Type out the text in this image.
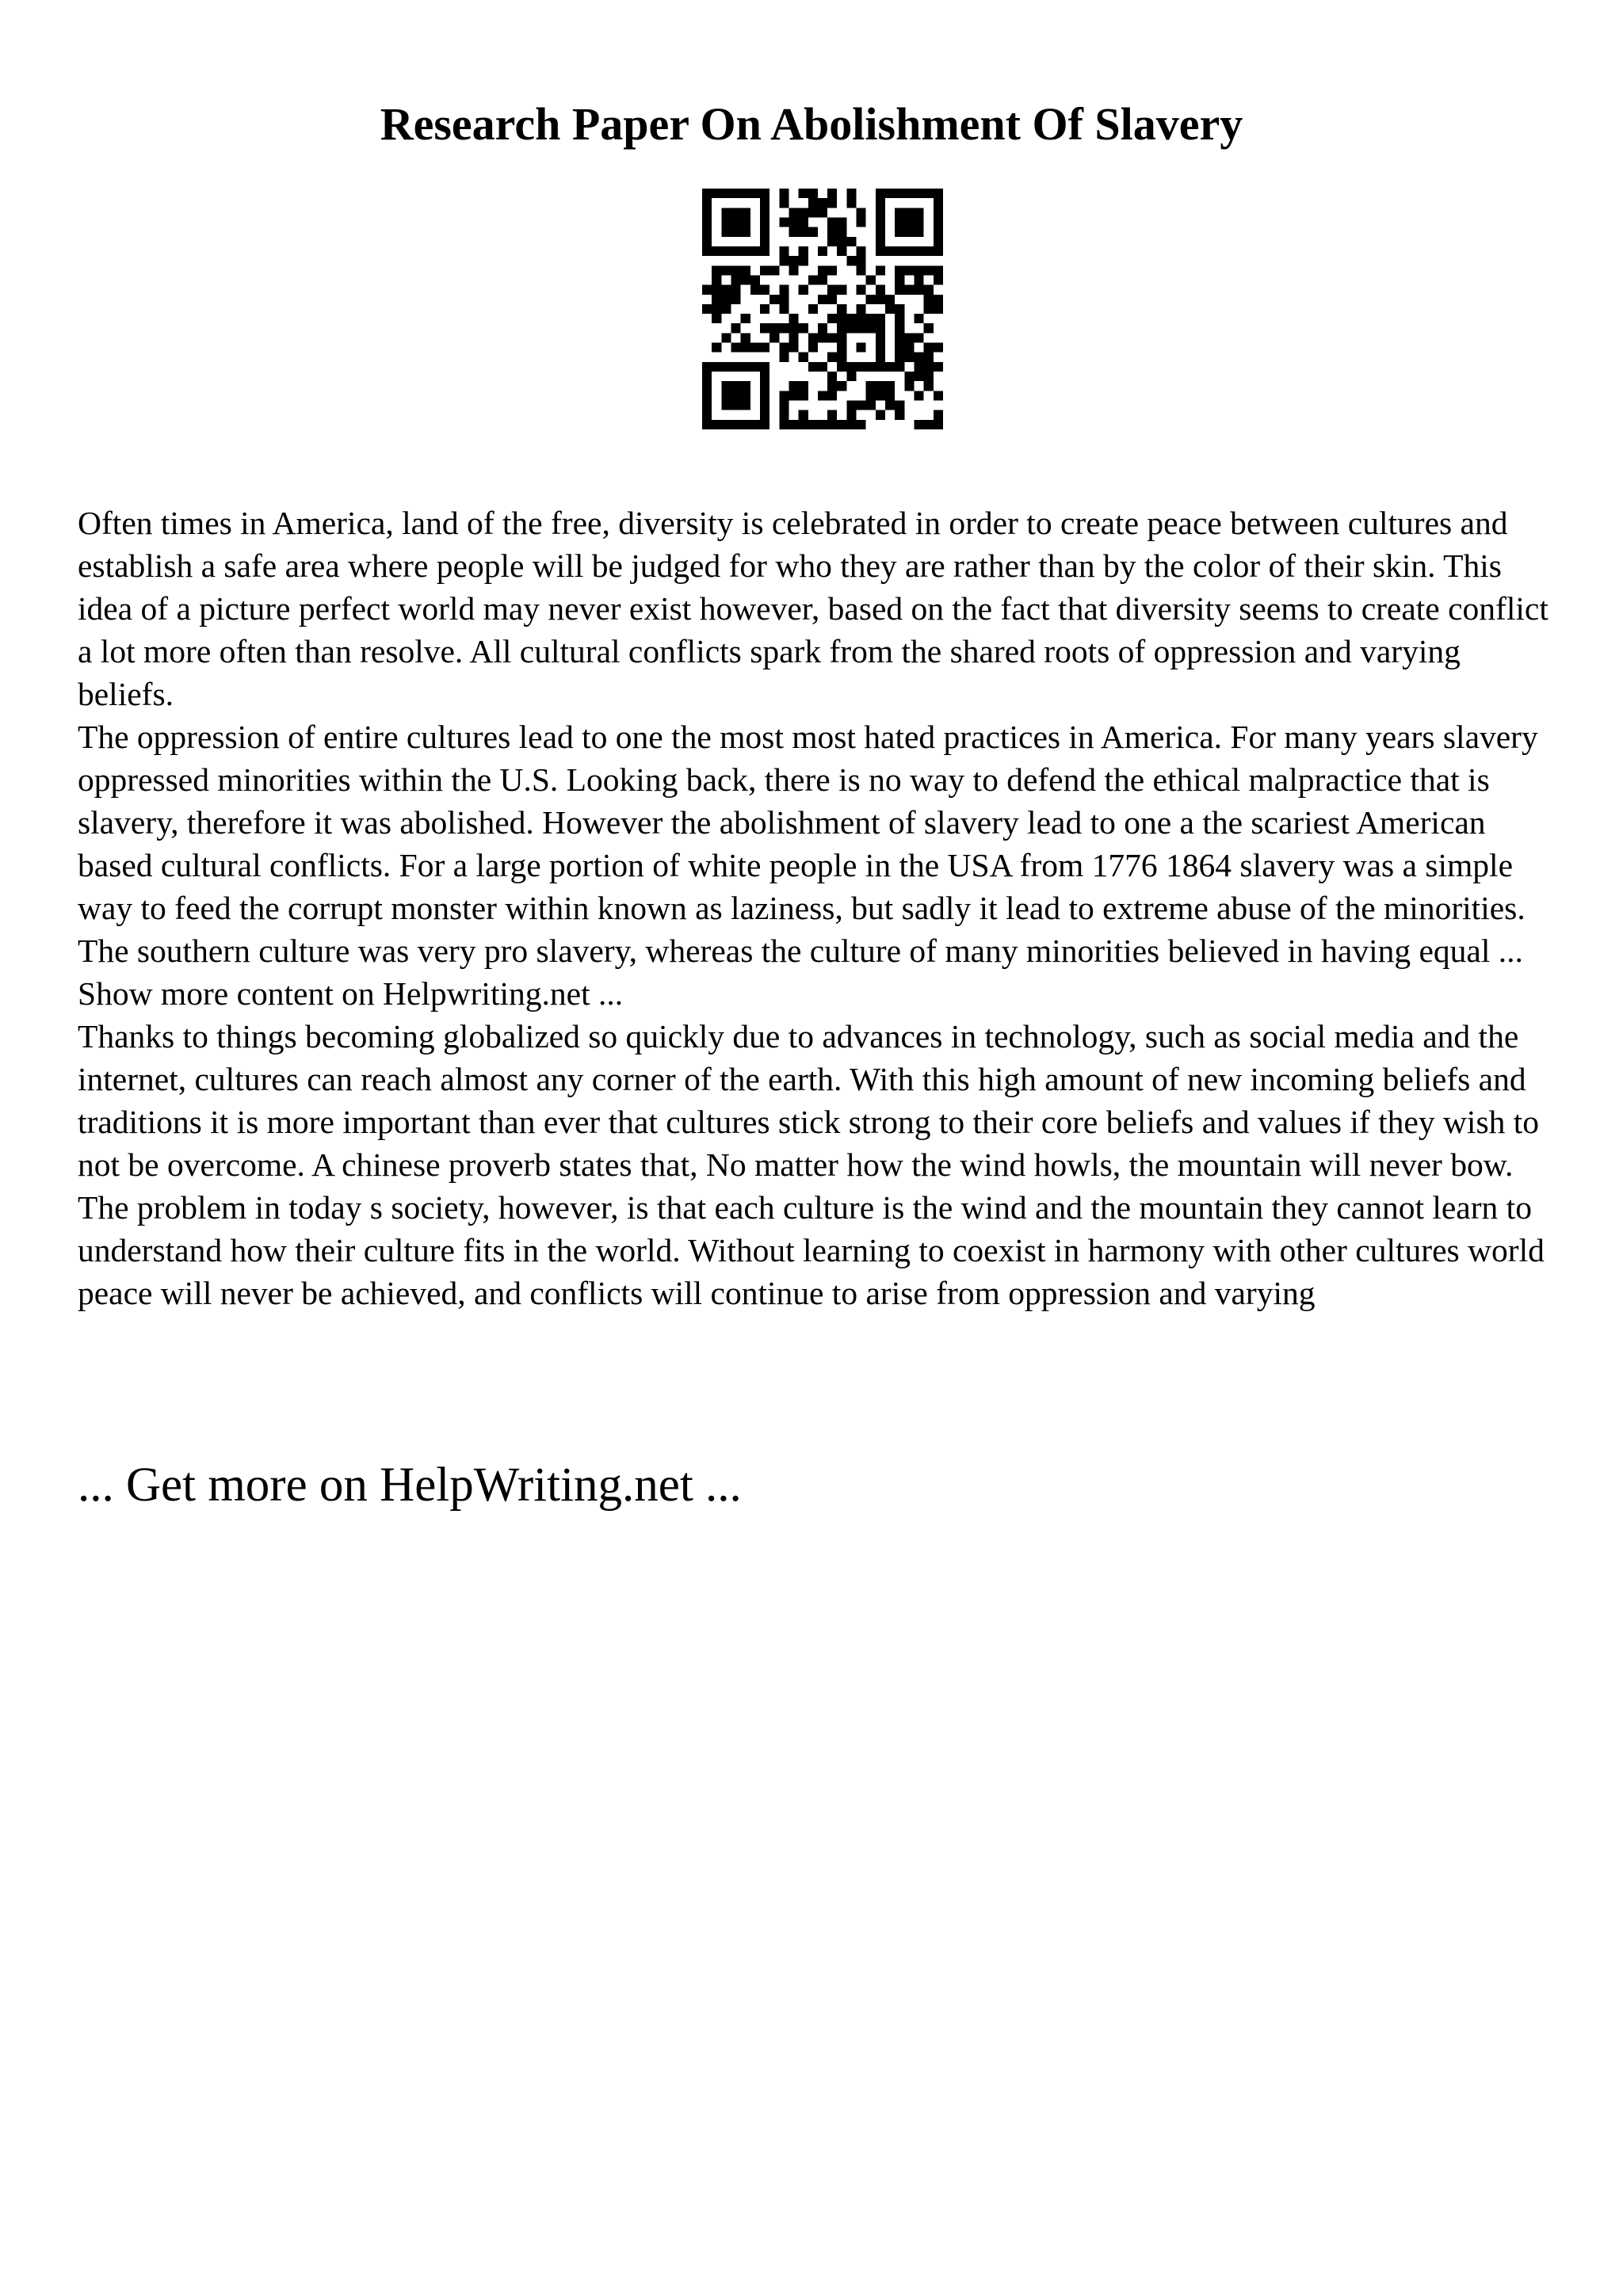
Research Paper On Abolishment Of Slavery

Often times in America, land of the free, diversity is celebrated in order to create peace between cultures and establish a safe area where people will be judged for who they are rather than by the color of their skin. This idea of a picture perfect world may never exist however, based on the fact that diversity seems to create conflict a lot more often than resolve. All cultural conflicts spark from the shared roots of oppression and varying beliefs.

The oppression of entire cultures lead to one the most most hated practices in America. For many years slavery oppressed minorities within the U.S. Looking back, there is no way to defend the ethical malpractice that is slavery, therefore it was abolished. However the abolishment of slavery lead to one a the scariest American based cultural conflicts. For a large portion of white people in the USA from 1776 1864 slavery was a simple way to feed the corrupt monster within known as laziness, but sadly it lead to extreme abuse of the minorities. The southern culture was very pro slavery, whereas the culture of many minorities believed in having equal ... Show more content on Helpwriting.net ...

Thanks to things becoming globalized so quickly due to advances in technology, such as social media and the internet, cultures can reach almost any corner of the earth. With this high amount of new incoming beliefs and traditions it is more important than ever that cultures stick strong to their core beliefs and values if they wish to not be overcome. A chinese proverb states that, No matter how the wind howls, the mountain will never bow. The problem in today s society, however, is that each culture is the wind and the mountain they cannot learn to understand how their culture fits in the world. Without learning to coexist in harmony with other cultures world peace will never be achieved, and conflicts will continue to arise from oppression and varying

... Get more on HelpWriting.net ...
